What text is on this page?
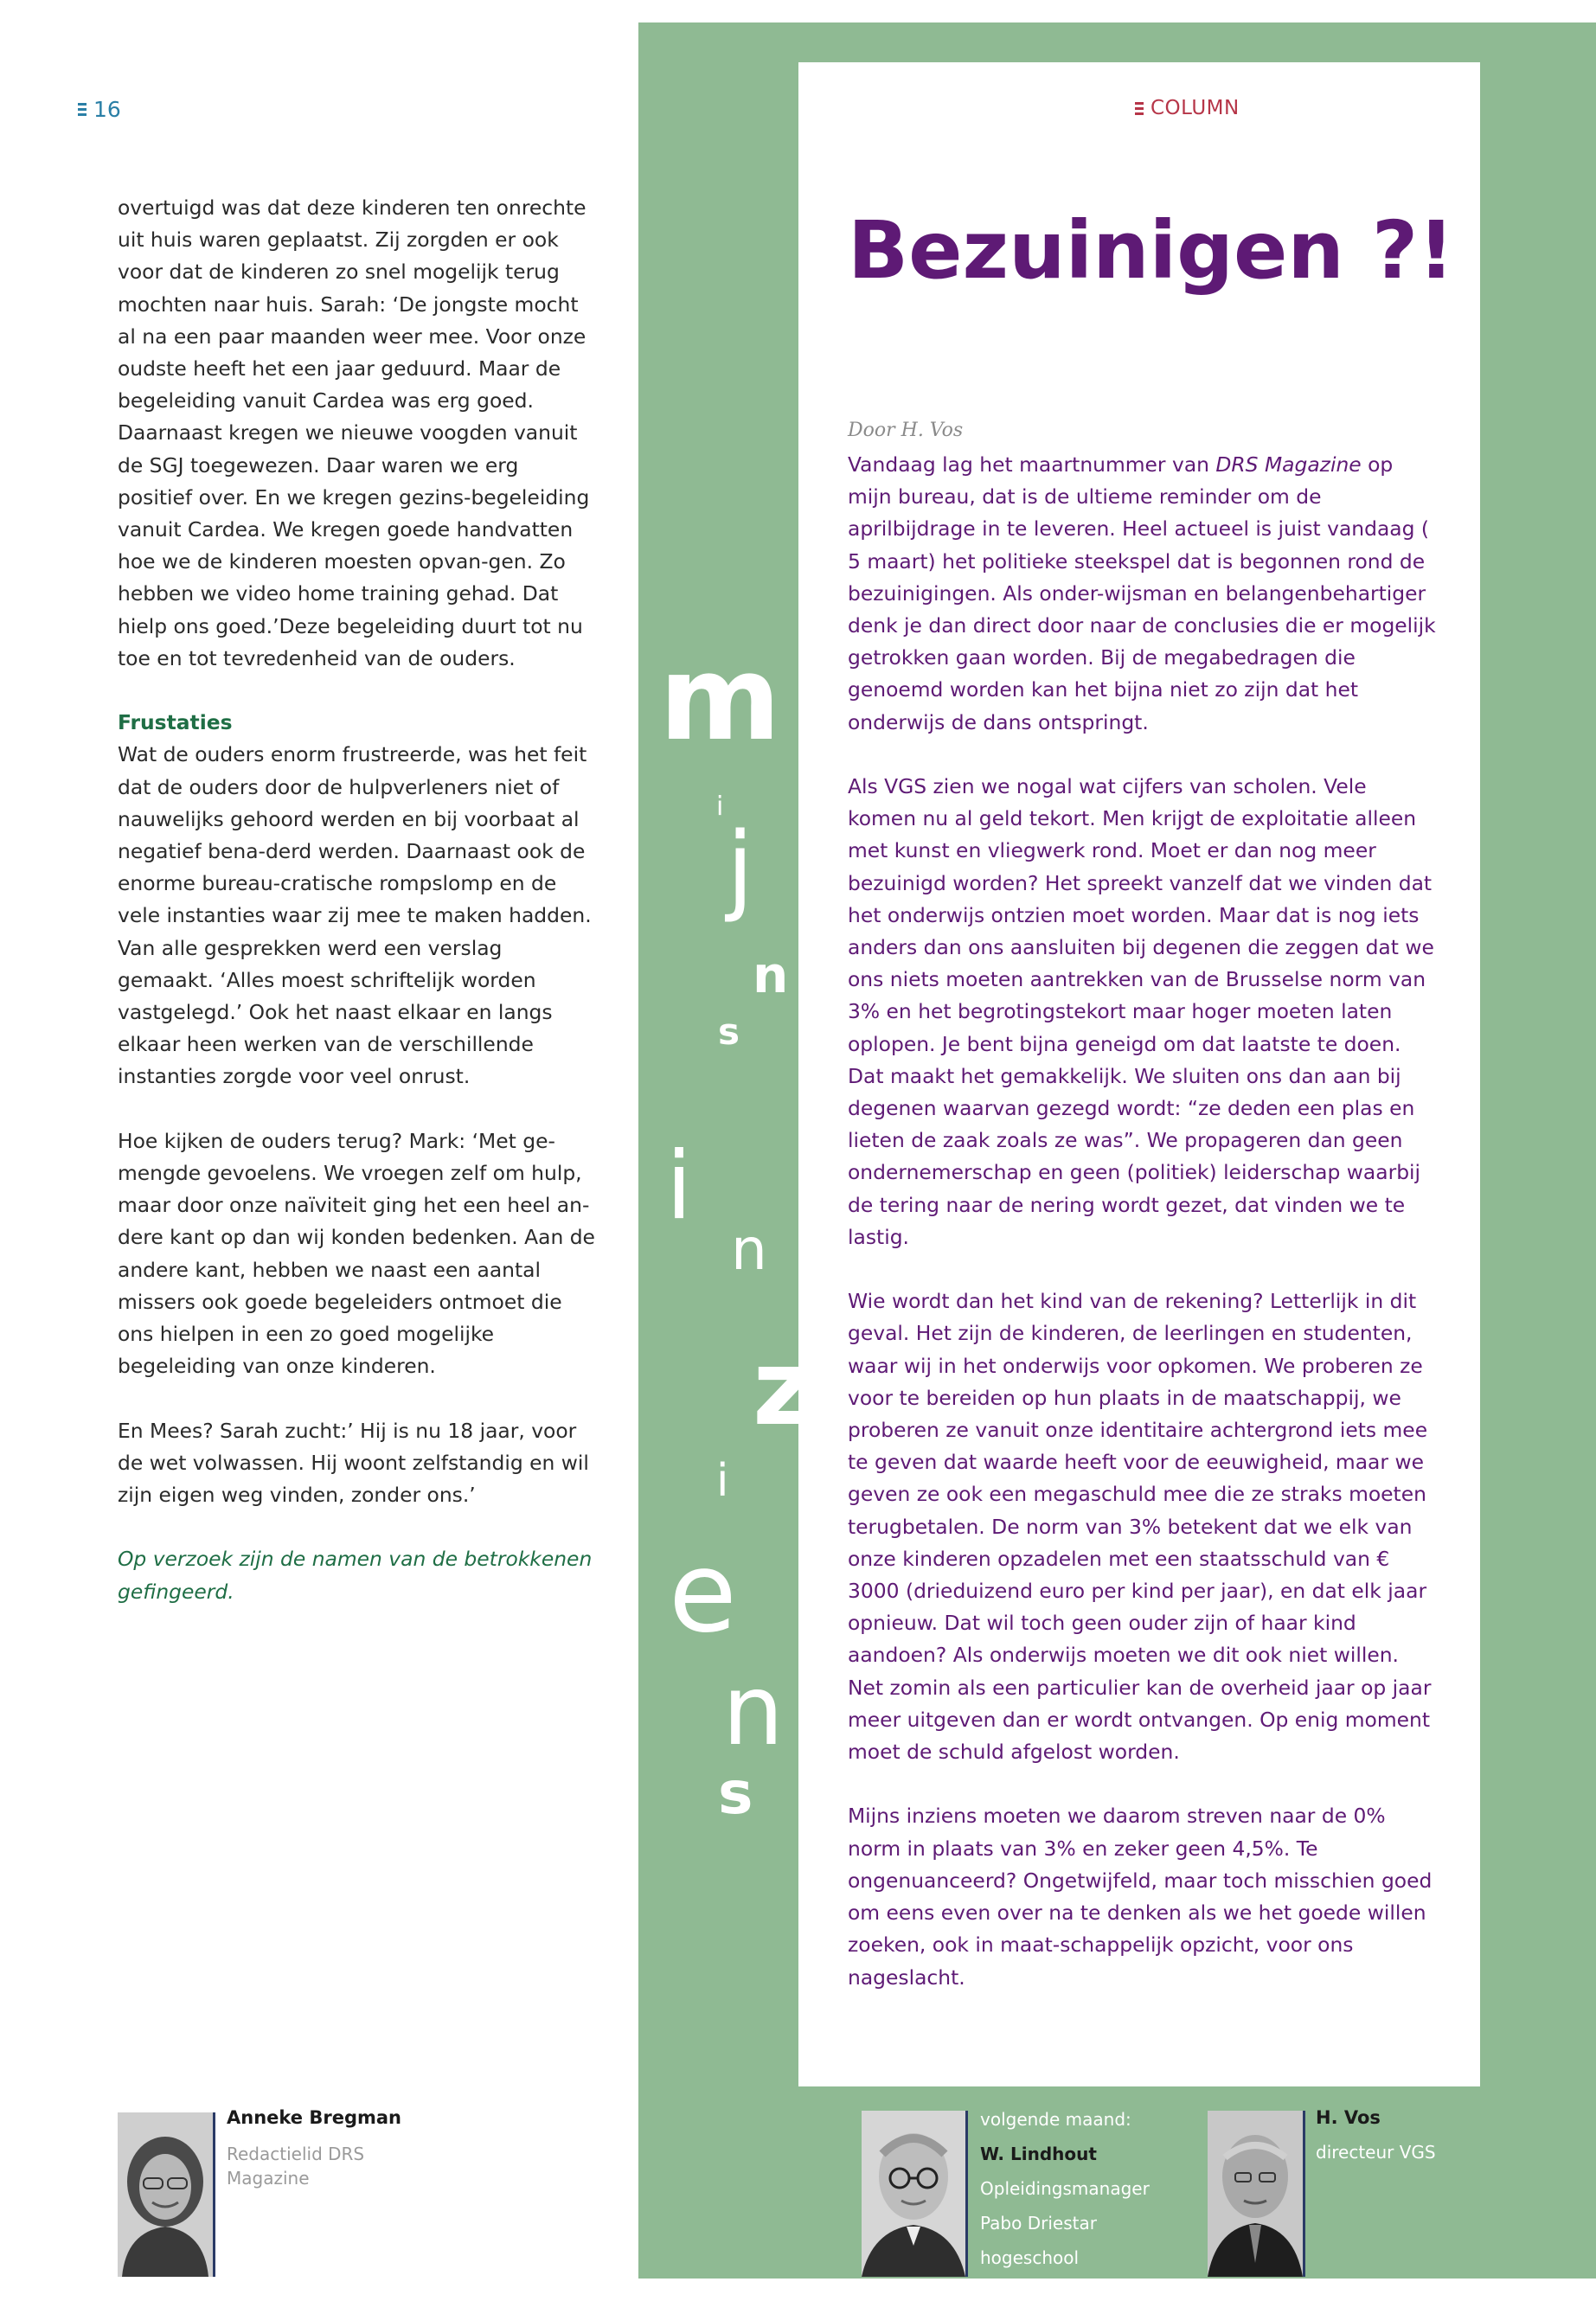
16	COLUMN

overtuigd was dat deze kinderen ten onrechte uit huis waren geplaatst. Zij zorgden er ook voor dat de kinderen zo snel mogelijk terug mochten naar huis. Sarah: ‘De jongste mocht al na een paar maanden weer mee. Voor onze oudste heeft het een jaar geduurd. Maar de begeleiding vanuit Cardea was erg goed. Daarnaast kregen we nieuwe voogden vanuit de SGJ toegewezen. Daar waren we erg positief over. En we kregen gezins-begeleiding vanuit Cardea. We kregen goede handvatten hoe we de kinderen moesten opvan-gen. Zo hebben we video home training gehad. Dat hielp ons goed.’Deze begeleiding duurt tot nu toe en tot tevredenheid van de ouders.

Frustaties

Wat de ouders enorm frustreerde, was het feit dat de ouders door de hulpverleners niet of nauwelijks gehoord werden en bij voorbaat al negatief bena-derd werden. Daarnaast ook de enorme bureau-cratische rompslomp en de vele instanties waar zij mee te maken hadden. Van alle gesprekken werd een verslag gemaakt. ‘Alles moest schriftelijk worden vastgelegd.’ Ook het naast elkaar en langs elkaar heen werken van de verschillende instanties zorgde voor veel onrust.

Hoe kijken de ouders terug? Mark: ‘Met ge-mengde gevoelens. We vroegen zelf om hulp, maar door onze naïviteit ging het een heel an-dere kant op dan wij konden bedenken. Aan de andere kant, hebben we naast een aantal missers ook goede begeleiders ontmoet die ons hielpen in een zo goed mogelijke begeleiding van onze kinderen.

En Mees? Sarah zucht:’ Hij is nu 18 jaar, voor de wet volwassen. Hij woont zelfstandig en wil zijn eigen weg vinden, zonder ons.’

Op verzoek zijn de namen van de betrokkenen gefingeerd.

Bezuinigen ?!
Door H. Vos

Vandaag lag het maartnummer van DRS Magazine op mijn bureau, dat is de ultieme reminder om de aprilbijdrage in te leveren. Heel actueel is juist vandaag ( 5 maart) het politieke steekspel dat is begonnen rond de bezuinigingen. Als onder-wijsman en belangenbehartiger denk je dan direct door naar de conclusies die er mogelijk getrokken gaan worden. Bij de megabedragen die genoemd worden kan het bijna niet zo zijn dat het onderwijs de dans ontspringt.

Als VGS zien we nogal wat cijfers van scholen. Vele komen nu al geld tekort. Men krijgt de exploitatie alleen met kunst en vliegwerk rond. Moet er dan nog meer bezuinigd worden? Het spreekt vanzelf dat we vinden dat het onderwijs ontzien moet worden. Maar dat is nog iets anders dan ons aansluiten bij degenen die zeggen dat we ons niets moeten aantrekken van de Brusselse norm van 3% en het begrotingstekort maar hoger moeten laten oplopen. Je bent bijna geneigd om dat laatste te doen. Dat maakt het gemakkelijk. We sluiten ons dan aan bij degenen waarvan gezegd wordt: “ze deden een plas en lieten de zaak zoals ze was”. We propageren dan geen ondernemerschap en geen (politiek) leiderschap waarbij de tering naar de nering wordt gezet, dat vinden we te lastig.

Wie wordt dan het kind van de rekening? Letterlijk in dit geval. Het zijn de kinderen, de leerlingen en studenten, waar wij in het onderwijs voor opkomen. We proberen ze voor te bereiden op hun plaats in de maatschappij, we proberen ze vanuit onze identitaire achtergrond iets mee te geven dat waarde heeft voor de eeuwigheid, maar we geven ze ook een megaschuld mee die ze straks moeten terugbetalen. De norm van 3% betekent dat we elk van onze kinderen opzadelen met een staatsschuld van € 3000 (drieduizend euro per kind per jaar), en dat elk jaar opnieuw. Dat wil toch geen ouder zijn of haar kind aandoen? Als onderwijs moeten we dit ook niet willen. Net zomin als een particulier kan de overheid jaar op jaar meer uitgeven dan er wordt ontvangen. Op enig moment moet de schuld afgelost worden.

Mijns inziens moeten we daarom streven naar de 0% norm in plaats van 3% en zeker geen 4,5%. Te ongenuanceerd? Ongetwijfeld, maar toch misschien goed om eens even over na te denken als we het goede willen zoeken, ook in maat-schappelijk opzicht, voor ons nageslacht.

m
i
j
n
s
i
n
z
i
e
n
s
Anneke Bregman
Redactielid DRS
Magazine
volgende maand:
W. Lindhout
Opleidingsmanager
Pabo Driestar
hogeschool
H. Vos
directeur VGS
